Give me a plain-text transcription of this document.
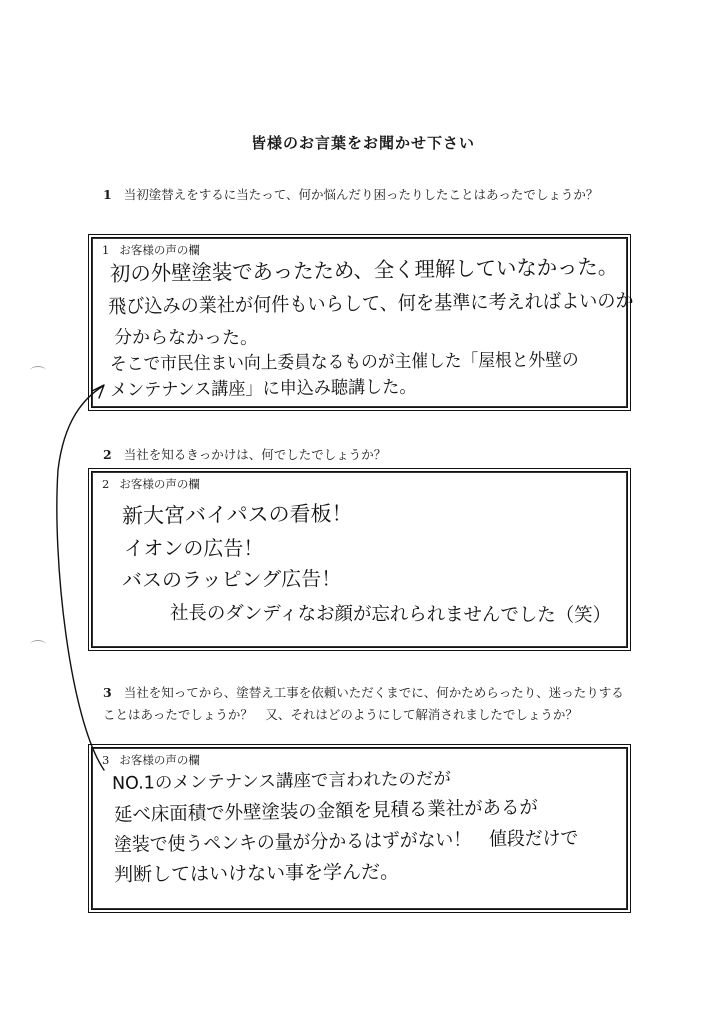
皆様のお言葉をお聞かせ下さい
1 当初塗替えをするに当たって、何か悩んだり困ったりしたことはあったでしょうか？
1 お客様の声の欄
初の外壁塗装であったため、全く理解していなかった。
飛び込みの業社が何件もいらして、何を基準に考えればよいのか
分からなかった。
そこで市民住まい向上委員なるものが主催した「屋根と外壁の
メンテナンス講座」に申込み聴講した。
2 当社を知るきっかけは、何でしたでしょうか？
2 お客様の声の欄
新大宮バイパスの看板！
イオンの広告！
バスのラッピング広告！
社長のダンディなお顔が忘れられませんでした（笑）
3 当社を知ってから、塗替え工事を依頼いただくまでに、何かためらったり、迷ったりすることはあったでしょうか？　又、それはどのようにして解消されましたでしょうか？
3 お客様の声の欄
NO.1のメンテナンス講座で言われたのだが
延べ床面積で外壁塗装の金額を見積る業社があるが
塗装で使うペンキの量が分かるはずがない！　値段だけで
判断してはいけない事を学んだ。
